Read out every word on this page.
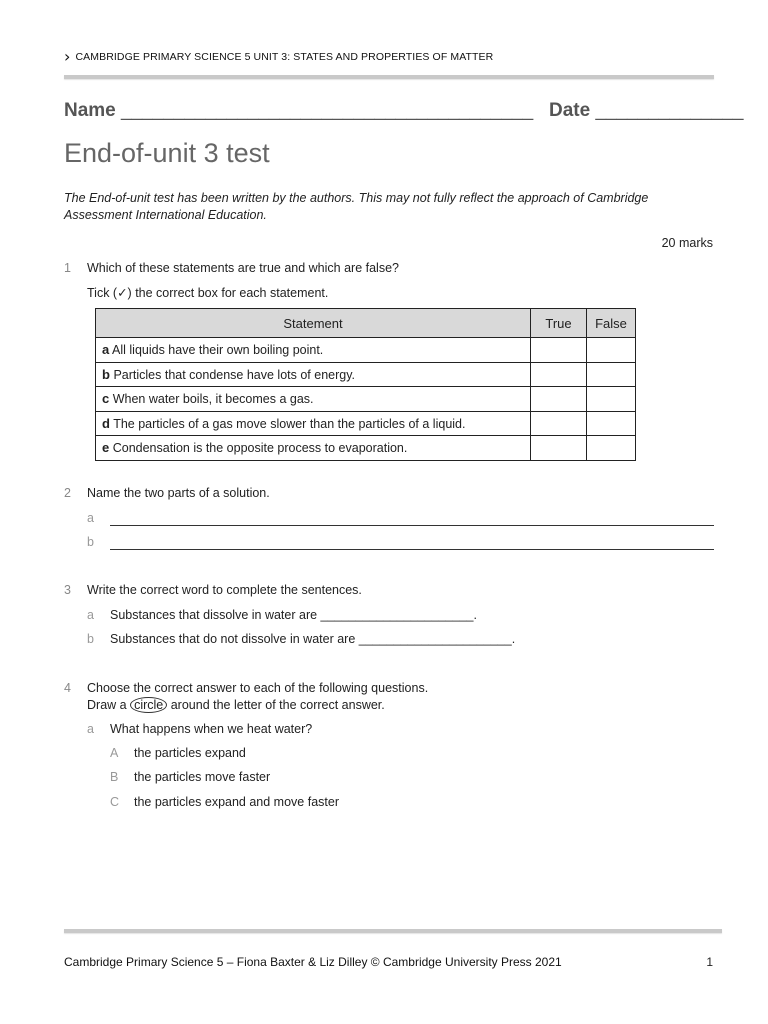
› CAMBRIDGE PRIMARY SCIENCE 5 UNIT 3: STATES AND PROPERTIES OF MATTER
Name _______________________________________ Date ______________
End-of-unit 3 test
The End-of-unit test has been written by the authors. This may not fully reflect the approach of Cambridge Assessment International Education.
20 marks
1 Which of these statements are true and which are false?
Tick (✓) the correct box for each statement.
Statement	True	False
a All liquids have their own boiling point.		
b Particles that condense have lots of energy.		
c When water boils, it becomes a gas.		
d The particles of a gas move slower than the particles of a liquid.		
e Condensation is the opposite process to evaporation.		
2 Name the two parts of a solution.
a
b
3 Write the correct word to complete the sentences.
a Substances that dissolve in water are ______________________.
b Substances that do not dissolve in water are ______________________.
4 Choose the correct answer to each of the following questions.
Draw a circle around the letter of the correct answer.
a What happens when we heat water?
A the particles expand
B the particles move faster
C the particles expand and move faster
Cambridge Primary Science 5 – Fiona Baxter & Liz Dilley © Cambridge University Press 2021	1
